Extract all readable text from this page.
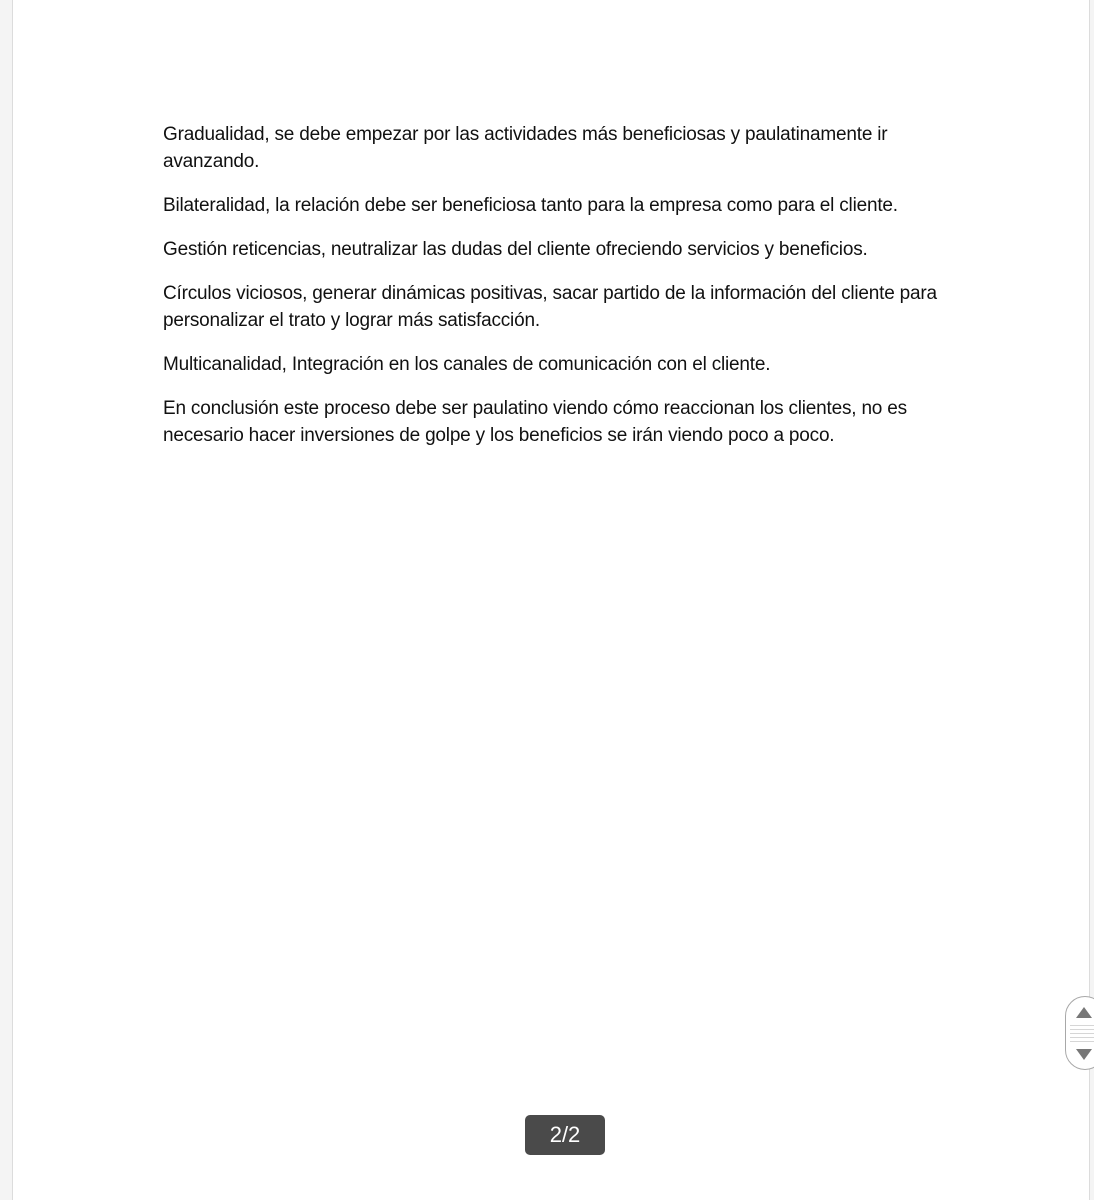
Gradualidad, se debe empezar por las actividades más beneficiosas y paulatinamente ir avanzando.

Bilateralidad, la relación debe ser beneficiosa tanto para la empresa como para el cliente.

Gestión reticencias, neutralizar las dudas del cliente ofreciendo servicios y beneficios.

Círculos viciosos, generar dinámicas positivas, sacar partido de la información del cliente para personalizar el trato y lograr más satisfacción.

Multicanalidad, Integración en los canales de comunicación con el cliente.

En conclusión este proceso debe ser paulatino viendo cómo reaccionan los clientes, no es necesario hacer inversiones de golpe y los beneficios se irán viendo poco a poco.

2/2
